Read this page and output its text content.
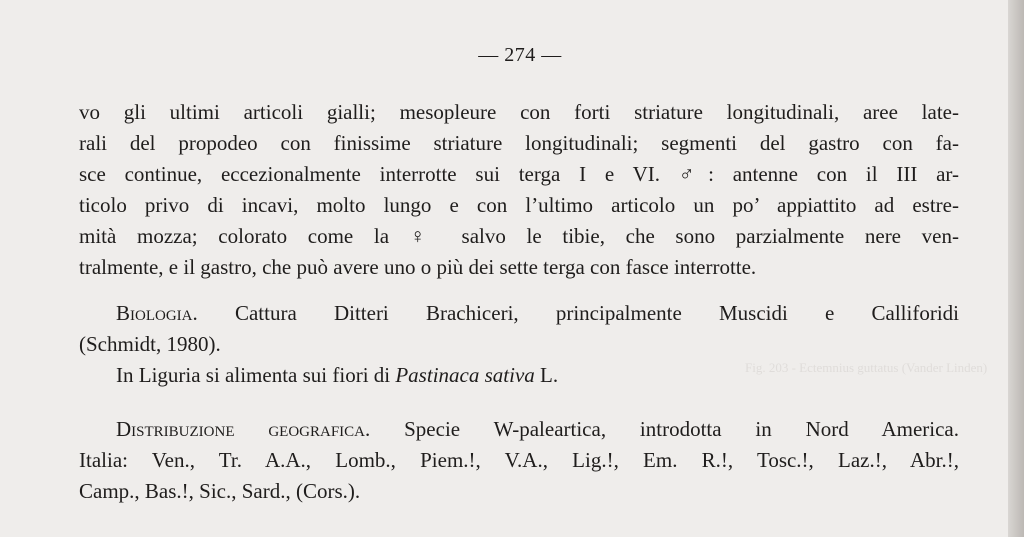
Fig. 203 - Ectemnius guttatus (Vander Linden)
— 274 —
vo gli ultimi articoli gialli; mesopleure con forti striature longitudinali, aree late-
rali del propodeo con finissime striature longitudinali; segmenti del gastro con fa-
sce continue, eccezionalmente interrotte sui terga I e VI. ♂: antenne con il III ar-
ticolo privo di incavi, molto lungo e con l’ultimo articolo un po’ appiattito ad estre-
mità mozza; colorato come la ♀ salvo le tibie, che sono parzialmente nere ven-
tralmente, e il gastro, che può avere uno o più dei sette terga con fasce interrotte.
Biologia. Cattura Ditteri Brachiceri, principalmente Muscidi e Calliforidi
(Schmidt, 1980).
In Liguria si alimenta sui fiori di Pastinaca sativa L.
Distribuzione geografica. Specie W-paleartica, introdotta in Nord America.
Italia: Ven., Tr. A.A., Lomb., Piem.!, V.A., Lig.!, Em. R.!, Tosc.!, Laz.!, Abr.!,
Camp., Bas.!, Sic., Sard., (Cors.).
